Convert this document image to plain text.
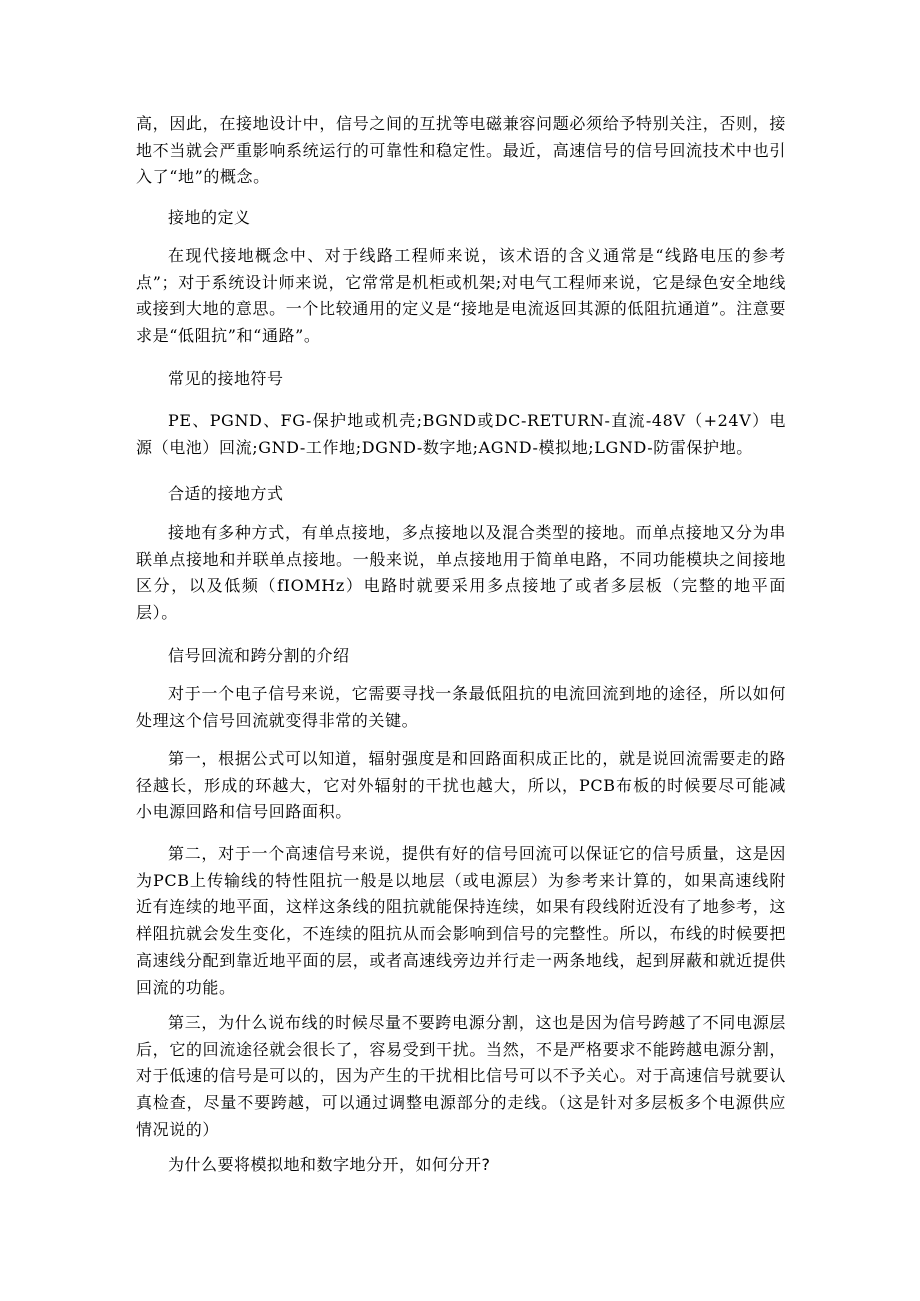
高，因此，在接地设计中，信号之间的互扰等电磁兼容问题必须给予特别关注，否则，接地不当就会严重影响系统运行的可靠性和稳定性。最近，高速信号的信号回流技术中也引入了“地”的概念。

接地的定义

在现代接地概念中、对于线路工程师来说，该术语的含义通常是“线路电压的参考点”；对于系统设计师来说，它常常是机柜或机架;对电气工程师来说，它是绿色安全地线或接到大地的意思。一个比较通用的定义是“接地是电流返回其源的低阻抗通道”。注意要求是“低阻抗”和“通路”。

常见的接地符号

PE、PGND、FG-保护地或机壳;BGND或DC-RETURN-直流-48V（+24V）电源（电池）回流;GND-工作地;DGND-数字地;AGND-模拟地;LGND-防雷保护地。

合适的接地方式

接地有多种方式，有单点接地，多点接地以及混合类型的接地。而单点接地又分为串联单点接地和并联单点接地。一般来说，单点接地用于简单电路，不同功能模块之间接地区分，以及低频（fIOMHz）电路时就要采用多点接地了或者多层板（完整的地平面层）。

信号回流和跨分割的介绍

对于一个电子信号来说，它需要寻找一条最低阻抗的电流回流到地的途径，所以如何处理这个信号回流就变得非常的关键。

第一，根据公式可以知道，辐射强度是和回路面积成正比的，就是说回流需要走的路径越长，形成的环越大，它对外辐射的干扰也越大，所以，PCB布板的时候要尽可能减小电源回路和信号回路面积。

第二，对于一个高速信号来说，提供有好的信号回流可以保证它的信号质量，这是因为PCB上传输线的特性阻抗一般是以地层（或电源层）为参考来计算的，如果高速线附近有连续的地平面，这样这条线的阻抗就能保持连续，如果有段线附近没有了地参考，这样阻抗就会发生变化，不连续的阻抗从而会影响到信号的完整性。所以，布线的时候要把高速线分配到靠近地平面的层，或者高速线旁边并行走一两条地线，起到屏蔽和就近提供回流的功能。

第三，为什么说布线的时候尽量不要跨电源分割，这也是因为信号跨越了不同电源层后，它的回流途径就会很长了，容易受到干扰。当然，不是严格要求不能跨越电源分割，对于低速的信号是可以的，因为产生的干扰相比信号可以不予关心。对于高速信号就要认真检查，尽量不要跨越，可以通过调整电源部分的走线。（这是针对多层板多个电源供应情况说的）

为什么要将模拟地和数字地分开，如何分开?
